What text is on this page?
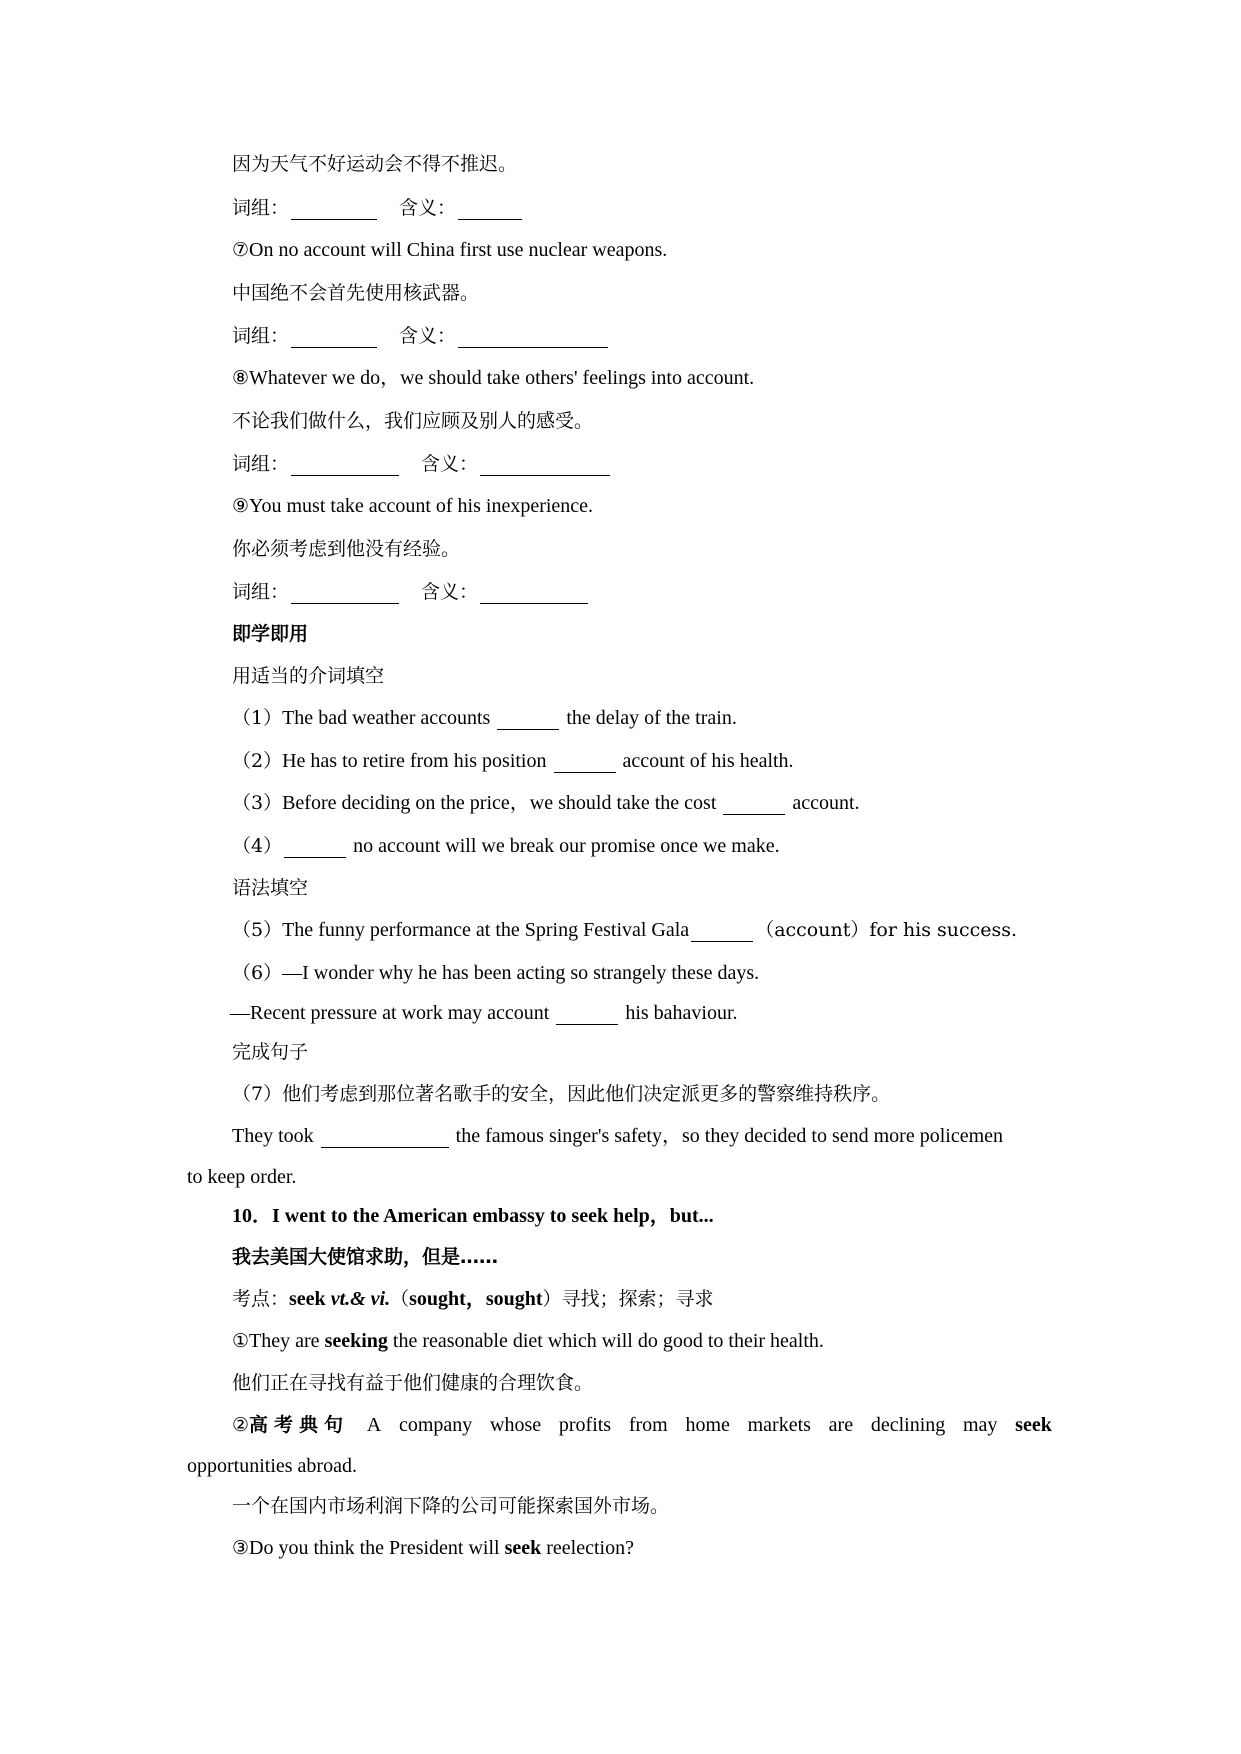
因为天气不好运动会不得不推迟。
词组：	含义：
⑦On no account will China first use nuclear weapons.
中国绝不会首先使用核武器。
词组：	含义：
⑧Whatever we do，we should take others' feelings into account.
不论我们做什么，我们应顾及别人的感受。
词组：	含义：
⑨You must take account of his inexperience.
你必须考虑到他没有经验。
词组：	含义：
即学即用
用适当的介词填空
（1）The bad weather accounts	the delay of the train.
（2）He has to retire from his position	account of his health.
（3）Before deciding on the price，we should take the cost	account.
（4）	no account will we break our promise once we make.
语法填空
（5）The funny performance at the Spring Festival Gala	（account）for his success.
（6）—I wonder why he has been acting so strangely these days.
—Recent pressure at work may account	his bahaviour.
完成句子
（7）他们考虑到那位著名歌手的安全，因此他们决定派更多的警察维持秩序。
They took	the famous singer's safety，so they decided to send more policemen
to keep order.
10．I went to the American embassy to seek help，but...
我去美国大使馆求助，但是……
考点：seek vt.& vi.（sought，sought）寻找；探索；寻求
①They are seeking the reasonable diet which will do good to their health.
他们正在寻找有益于他们健康的合理饮食。
②高考典句 A company whose profits from home markets are declining may seek
opportunities abroad.
一个在国内市场利润下降的公司可能探索国外市场。
③Do you think the President will seek reelection?
